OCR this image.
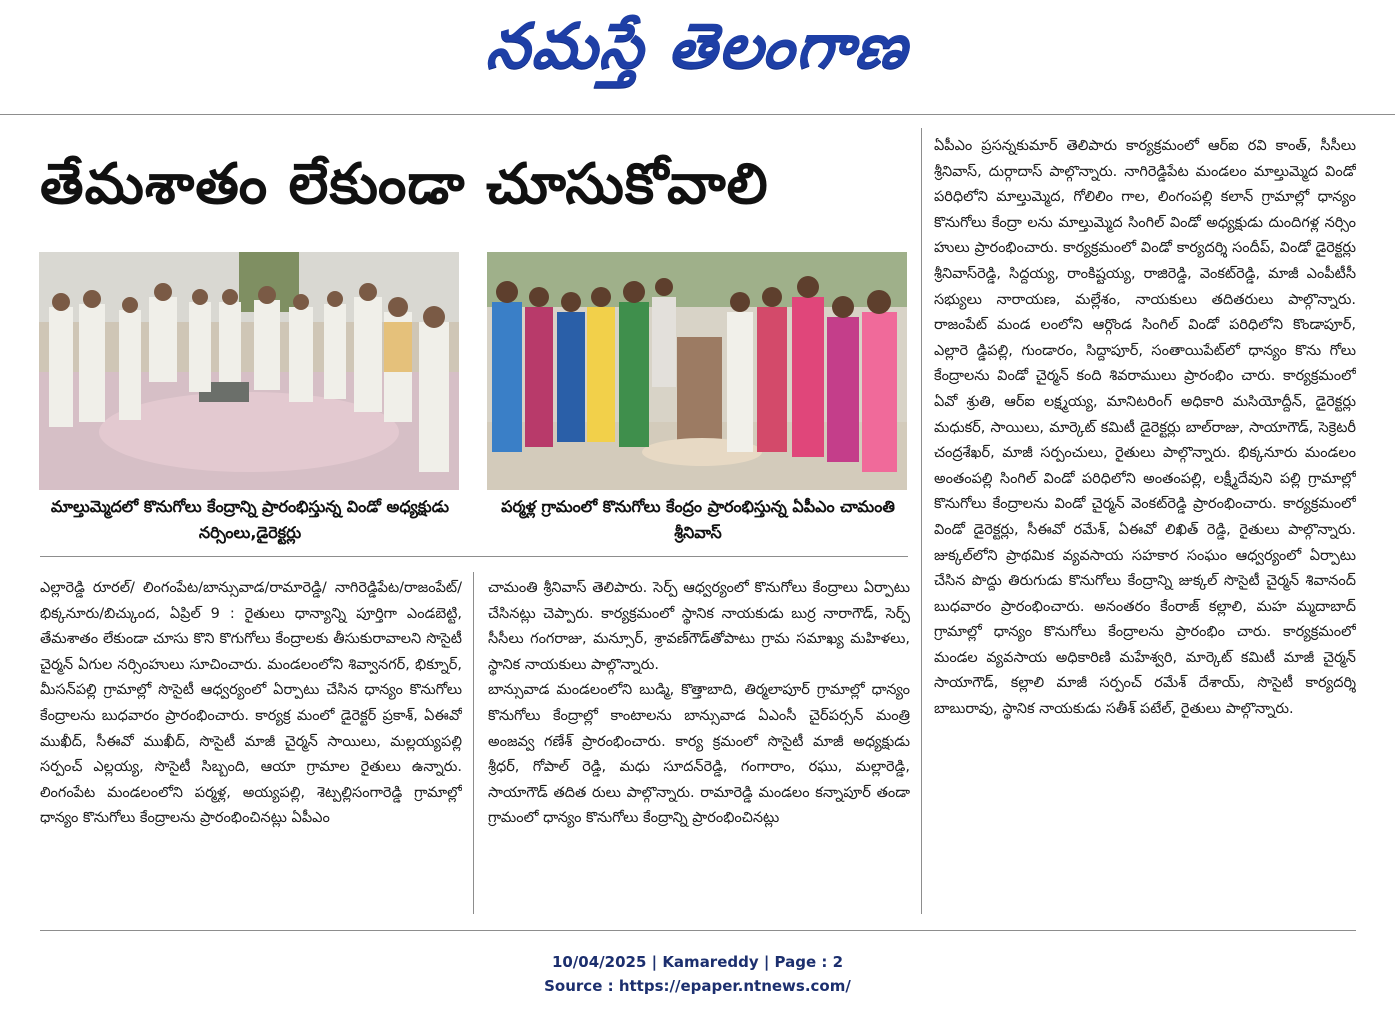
నమస్తే తెలంగాణ
తేమశాతం లేకుండా చూసుకోవాలి
మాల్తుమ్మెదలో కొనుగోలు కేంద్రాన్ని ప్రారంభిస్తున్న విండో అధ్యక్షుడు నర్సింలు,డైరెక్టర్లు
పర్మళ్ల గ్రామంలో కొనుగోలు కేంద్రం ప్రారంభిస్తున్న ఏపీఎం చామంతి శ్రీనివాస్

ఎల్లారెడ్డి రూరల్/ లింగంపేట/బాన్సువాడ/రామారెడ్డి/ నాగిరెడ్డిపేట/రాజంపేట్/భిక్కనూరు/బిచ్కుంద, ఏప్రిల్ 9 : రైతులు ధాన్యాన్ని పూర్తిగా ఎండబెట్టి, తేమశాతం లేకుండా చూసు కొని కొగుగోలు కేంద్రాలకు తీసుకురావాలని సొసైటీ చైర్మన్ ఏగుల నర్సింహులు సూచించారు. మండలంలోని శివ్వానగర్, భిక్నూర్, మీసన్‌పల్లి గ్రామాల్లో సొసైటీ ఆధ్వర్యంలో ఏర్పాటు చేసిన ధాన్యం కొనుగోలు కేంద్రాలను బుధవారం ప్రారంభించారు. కార్యక్ర మంలో డైరెక్టర్ ప్రకాశ్, ఏఈవో ముఖీద్, సీఈవో ముఖీద్, సొసైటీ మాజీ చైర్మన్ సాయిలు, మల్లయ్యపల్లి సర్పంచ్ ఎల్లయ్య, సొసైటీ సిబ్బంది, ఆయా గ్రామాల రైతులు ఉన్నారు. లింగంపేట మండలంలోని పర్మళ్ల, అయ్యపల్లి, శెట్పల్లిసంగారెడ్డి గ్రామాల్లో ధాన్యం కొనుగోలు కేంద్రాలను ప్రారంభించినట్లు ఏపీఎం

చామంతి శ్రీనివాస్ తెలిపారు. సెర్ప్ ఆధ్వర్యంలో కొనుగోలు కేంద్రాలు ఏర్పాటు చేసినట్లు చెప్పారు. కార్యక్రమంలో స్థానిక నాయకుడు బుర్ర నారాగౌడ్, సెర్ప్ సీసీలు గంగరాజు, మన్సూర్, శ్రావణ్‌గౌడ్‌తోపాటు గ్రామ సమాఖ్య మహిళలు, స్థానిక నాయకులు పాల్గొన్నారు.

బాన్సువాడ మండలంలోని బుడ్మి, కొత్తాబాది, తిర్మలాపూర్ గ్రామాల్లో ధాన్యం కొనుగోలు కేంద్రాల్లో కాంటాలను బాన్సువాడ ఏఎంసీ చైర్‌పర్సన్ మంత్రి అంజవ్వ గణేశ్ ప్రారంభించారు. కార్య క్రమంలో సొసైటీ మాజీ అధ్యక్షుడు శ్రీధర్, గోపాల్ రెడ్డి, మధు సూదన్‌రెడ్డి, గంగారాం, రఘు, మల్లారెడ్డి, సాయాగౌడ్ తదిత రులు పాల్గొన్నారు. రామారెడ్డి మండలం కన్నాపూర్ తండా గ్రామంలో ధాన్యం కొనుగోలు కేంద్రాన్ని ప్రారంభించినట్లు

ఏపీఎం ప్రసన్నకుమార్ తెలిపారు కార్యక్రమంలో ఆర్ఐ రవి కాంత్, సీసీలు శ్రీనివాస్, దుర్గాదాస్ పాల్గొన్నారు. నాగిరెడ్డిపేట మండలం మాల్తుమ్మెద విండో పరిధిలోని మాల్తుమ్మెద, గోలిలిం గాల, లింగంపల్లి కలాన్ గ్రామాల్లో ధాన్యం కొనుగోలు కేంద్రా లను మాల్తుమ్మెద సింగిల్ విండో అధ్యక్షుడు దుందిగళ్ల నర్సిం హులు ప్రారంభించారు. కార్యక్రమంలో విండో కార్యదర్శి సందీప్, విండో డైరెక్టర్లు శ్రీనివాస్‌రెడ్డి, సిద్దయ్య, రాంకిష్టయ్య, రాజిరెడ్డి, వెంకట్‌రెడ్డి, మాజీ ఎంపీటీసీ సభ్యులు నారాయణ, మల్లేశం, నాయకులు తదితరులు పాల్గొన్నారు. రాజంపేట్ మండ లంలోని ఆర్గొండ సింగిల్ విండో పరిధిలోని కొండాపూర్, ఎల్లారె డ్డిపల్లి, గుండారం, సిద్దాపూర్, సంతాయిపేట్‌లో ధాన్యం కొను గోలు కేంద్రాలను విండో చైర్మన్ కంది శివరాములు ప్రారంభిం చారు. కార్యక్రమంలో ఏవో శ్రుతి, ఆర్ఐ లక్ష్మయ్య, మానిటరింగ్ అధికారి మసియోద్దీన్, డైరెక్టర్లు మధుకర్, సాయిలు, మార్కెట్ కమిటీ డైరెక్టర్లు బాల్‌రాజు, సాయాగౌడ్, సెక్రెటరీ చంద్రశేఖర్, మాజీ సర్పంచులు, రైతులు పాల్గొన్నారు. భిక్కనూరు మండలం అంతంపల్లి సింగిల్ విండో పరిధిలోని అంతంపల్లి, లక్ష్మీదేవుని పల్లి గ్రామాల్లో కొనుగోలు కేంద్రాలను విండో చైర్మన్ వెంకట్‌రెడ్డి ప్రారంభించారు. కార్యక్రమంలో విండో డైరెక్టర్లు, సీఈవో రమేశ్, ఏఈవో లిఖిత్ రెడ్డి, రైతులు పాల్గొన్నారు. జుక్కల్‌లోని ప్రాథమిక వ్యవసాయ సహకార సంఘం ఆధ్వర్యంలో ఏర్పాటు చేసిన పొద్దు తిరుగుడు కొనుగోలు కేంద్రాన్ని జుక్కల్ సొసైటీ చైర్మన్ శివానంద్ బుధవారం ప్రారంభించారు. అనంతరం కేంరాజ్ కల్లాలి, మహ మ్మదాబాద్ గ్రామాల్లో ధాన్యం కొనుగోలు కేంద్రాలను ప్రారంభిం చారు. కార్యక్రమంలో మండల వ్యవసాయ అధికారిణి మహేశ్వరి, మార్కెట్ కమిటీ మాజీ చైర్మన్ సాయాగౌడ్, కల్లాలి మాజీ సర్పంచ్ రమేశ్ దేశాయ్, సొసైటీ కార్యదర్శి బాబురావు, స్థానిక నాయకుడు సతీశ్ పటేల్, రైతులు పాల్గొన్నారు.

10/04/2025 | Kamareddy | Page : 2
Source : https://epaper.ntnews.com/
